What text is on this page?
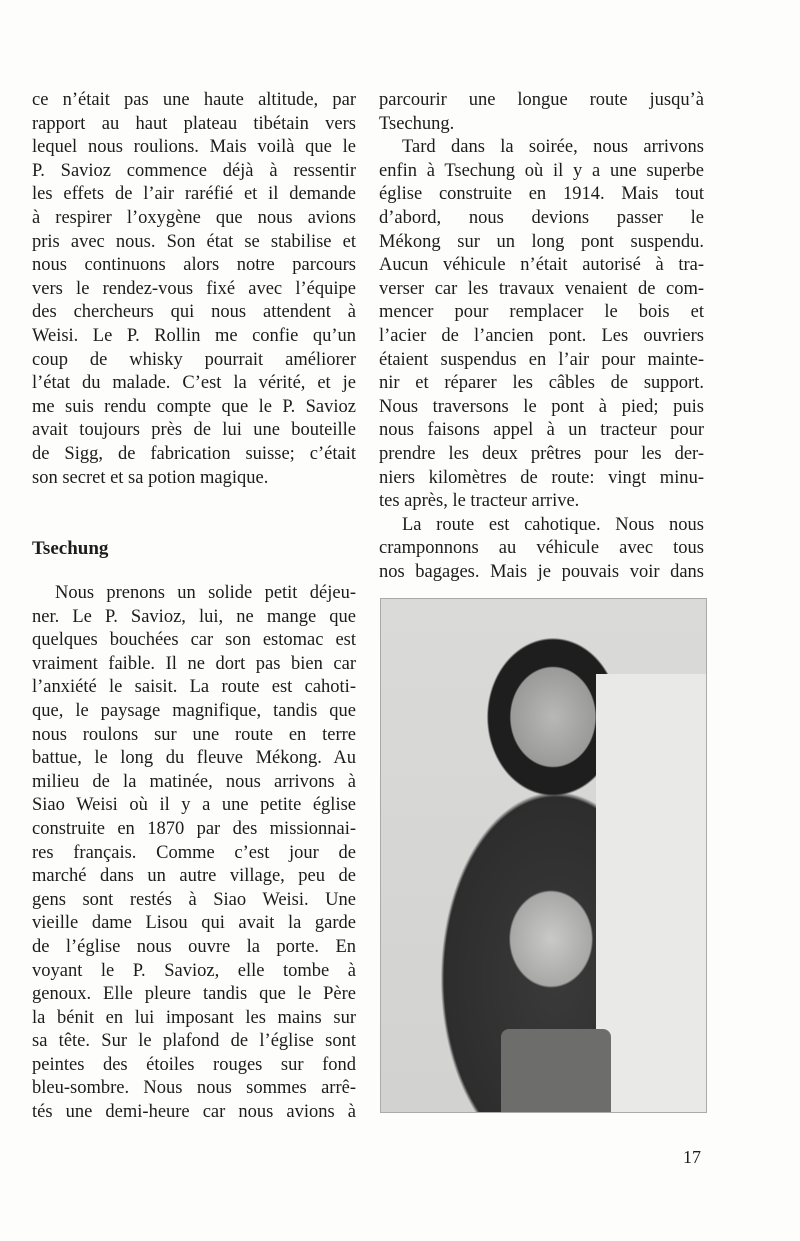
ce n’était pas une haute altitude, par

rapport au haut plateau tibétain vers

lequel nous roulions. Mais voilà que le

P. Savioz commence déjà à ressentir

les effets de l’air raréfié et il demande

à respirer l’oxygène que nous avions

pris avec nous. Son état se stabilise et

nous continuons alors notre parcours

vers le rendez-vous fixé avec l’équipe

des chercheurs qui nous attendent à

Weisi. Le P. Rollin me confie qu’un

coup de whisky pourrait améliorer

l’état du malade. C’est la vérité, et je

me suis rendu compte que le P. Savioz

avait toujours près de lui une bouteille

de Sigg, de fabrication suisse; c’était

son secret et sa potion magique.

Tsechung

Nous prenons un solide petit déjeu-

ner. Le P. Savioz, lui, ne mange que

quelques bouchées car son estomac est

vraiment faible. Il ne dort pas bien car

l’anxiété le saisit. La route est cahoti-

que, le paysage magnifique, tandis que

nous roulons sur une route en terre

battue, le long du fleuve Mékong. Au

milieu de la matinée, nous arrivons à

Siao Weisi où il y a une petite église

construite en 1870 par des missionnai-

res français. Comme c’est jour de

marché dans un autre village, peu de

gens sont restés à Siao Weisi. Une

vieille dame Lisou qui avait la garde

de l’église nous ouvre la porte. En

voyant le P. Savioz, elle tombe à

genoux. Elle pleure tandis que le Père

la bénit en lui imposant les mains sur

sa tête. Sur le plafond de l’église sont

peintes des étoiles rouges sur fond

bleu-sombre. Nous nous sommes arrê-

tés une demi-heure car nous avions à

parcourir une longue route jusqu’à

Tsechung.

Tard dans la soirée, nous arrivons

enfin à Tsechung où il y a une superbe

église construite en 1914. Mais tout

d’abord, nous devions passer le

Mékong sur un long pont suspendu.

Aucun véhicule n’était autorisé à tra-

verser car les travaux venaient de com-

mencer pour remplacer le bois et

l’acier de l’ancien pont. Les ouvriers

étaient suspendus en l’air pour mainte-

nir et réparer les câbles de support.

Nous traversons le pont à pied; puis

nous faisons appel à un tracteur pour

prendre les deux prêtres pour les der-

niers kilomètres de route: vingt minu-

tes après, le tracteur arrive.

La route est cahotique. Nous nous

cramponnons au véhicule avec tous

nos bagages. Mais je pouvais voir dans

17
